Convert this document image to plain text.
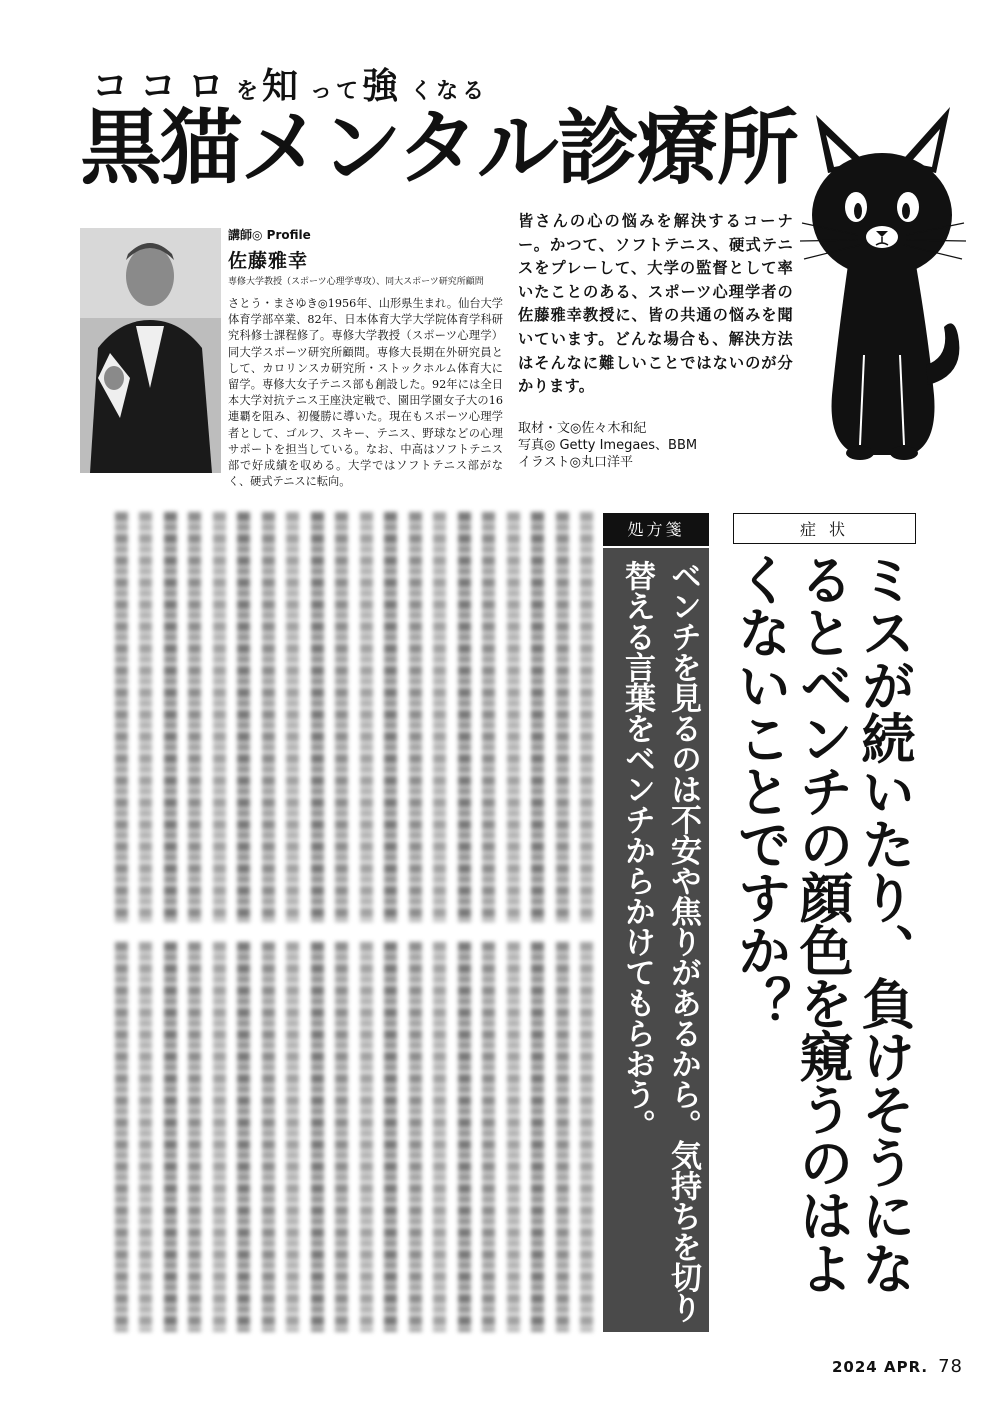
ココロを知って強くなる
黒猫メンタル診療所
講師◎ Profile
佐藤雅幸
専修大学教授（スポーツ心理学専攻）、同大スポーツ研究所顧問
さとう・まさゆき◎1956年、山形県生まれ。仙台大学体育学部卒業、82年、日本体育大学大学院体育学科研究科修士課程修了。専修大学教授（スポーツ心理学）同大学スポーツ研究所顧問。専修大長期在外研究員として、カロリンスカ研究所・ストックホルム体育大に留学。専修大女子テニス部も創設した。92年には全日本大学対抗テニス王座決定戦で、園田学園女子大の16連覇を阻み、初優勝に導いた。現在もスポーツ心理学者として、ゴルフ、スキー、テニス、野球などの心理サポートを担当している。なお、中高はソフトテニス部で好成績を収める。大学ではソフトテニス部がなく、硬式テニスに転向。
皆さんの心の悩みを解決するコーナー。かつて、ソフトテニス、硬式テニスをプレーして、大学の監督として率いたことのある、スポーツ心理学者の佐藤雅幸教授に、皆の共通の悩みを聞いています。どんな場合も、解決方法はそんなに難しいことではないのが分かります。
取材・文◎佐々木和紀
写真◎ Getty Imegaes、BBM
イラスト◎丸口洋平
症 状
ミスが続いたり、負けそうになるとベンチの顔色を窺うのはよくないことですか？
処方箋
ベンチを見るのは不安や焦りがあるから。気持ちを切り替える言葉をベンチからかけてもらおう。
2024 APR. 78
